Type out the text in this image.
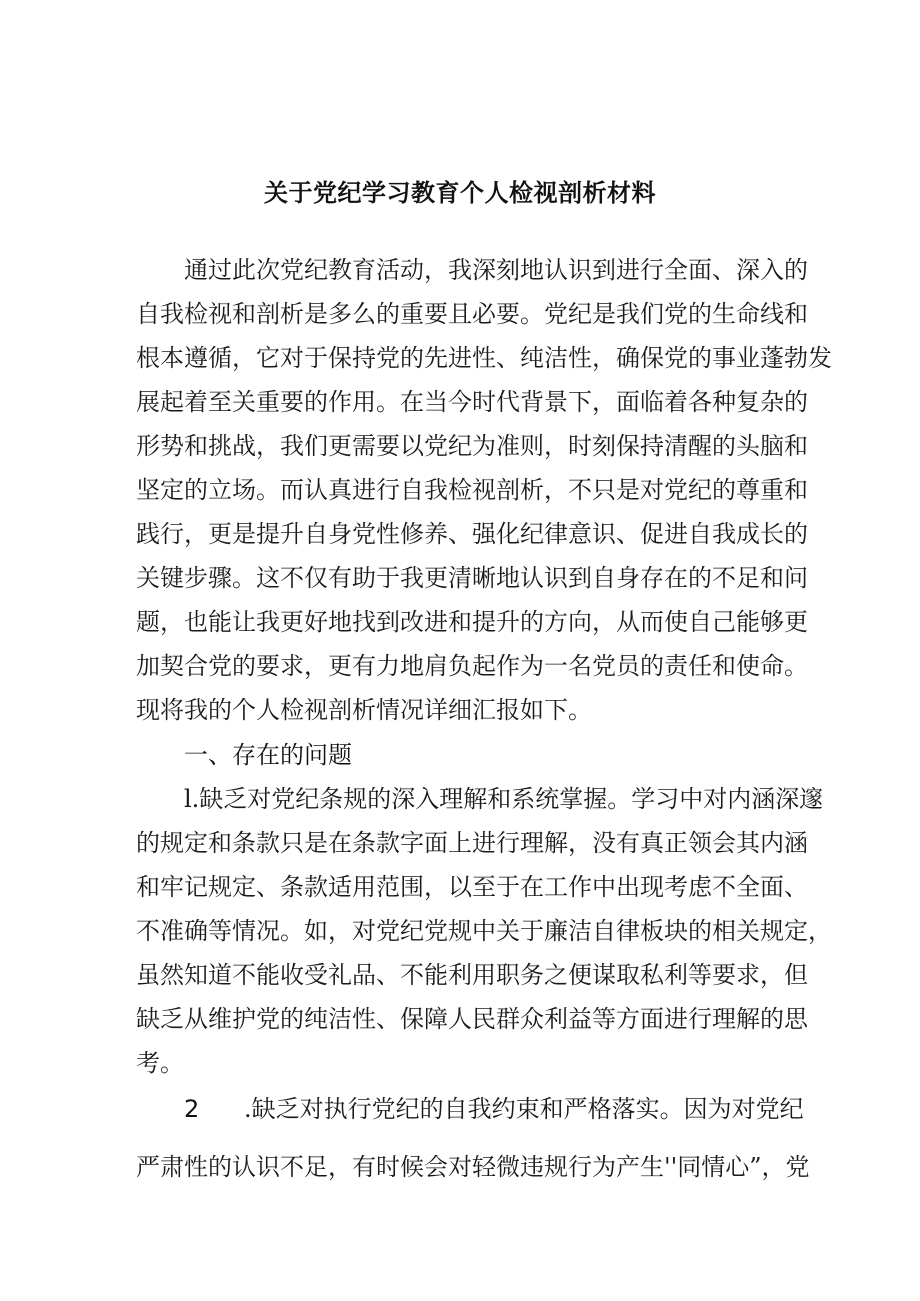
关于党纪学习教育个人检视剖析材料
通过此次党纪教育活动，我深刻地认识到进行全面、深入的
自我检视和剖析是多么的重要且必要。党纪是我们党的生命线和
根本遵循，它对于保持党的先进性、纯洁性，确保党的事业蓬勃发
展起着至关重要的作用。在当今时代背景下，面临着各种复杂的
形势和挑战，我们更需要以党纪为准则，时刻保持清醒的头脑和
坚定的立场。而认真进行自我检视剖析，不只是对党纪的尊重和
践行，更是提升自身党性修养、强化纪律意识、促进自我成长的
关键步骤。这不仅有助于我更清晰地认识到自身存在的不足和问
题，也能让我更好地找到改进和提升的方向，从而使自己能够更
加契合党的要求，更有力地肩负起作为一名党员的责任和使命。
现将我的个人检视剖析情况详细汇报如下。
一、存在的问题
l.缺乏对党纪条规的深入理解和系统掌握。学习中对内涵深邃
的规定和条款只是在条款字面上进行理解，没有真正领会其内涵
和牢记规定、条款适用范围，以至于在工作中出现考虑不全面、
不准确等情况。如，对党纪党规中关于廉洁自律板块的相关规定，
虽然知道不能收受礼品、不能利用职务之便谋取私利等要求，但
缺乏从维护党的纯洁性、保障人民群众利益等方面进行理解的思
考。
2 .缺乏对执行党纪的自我约束和严格落实。因为对党纪
严肃性的认识不足，有时候会对轻微违规行为产生''同情心”，党
